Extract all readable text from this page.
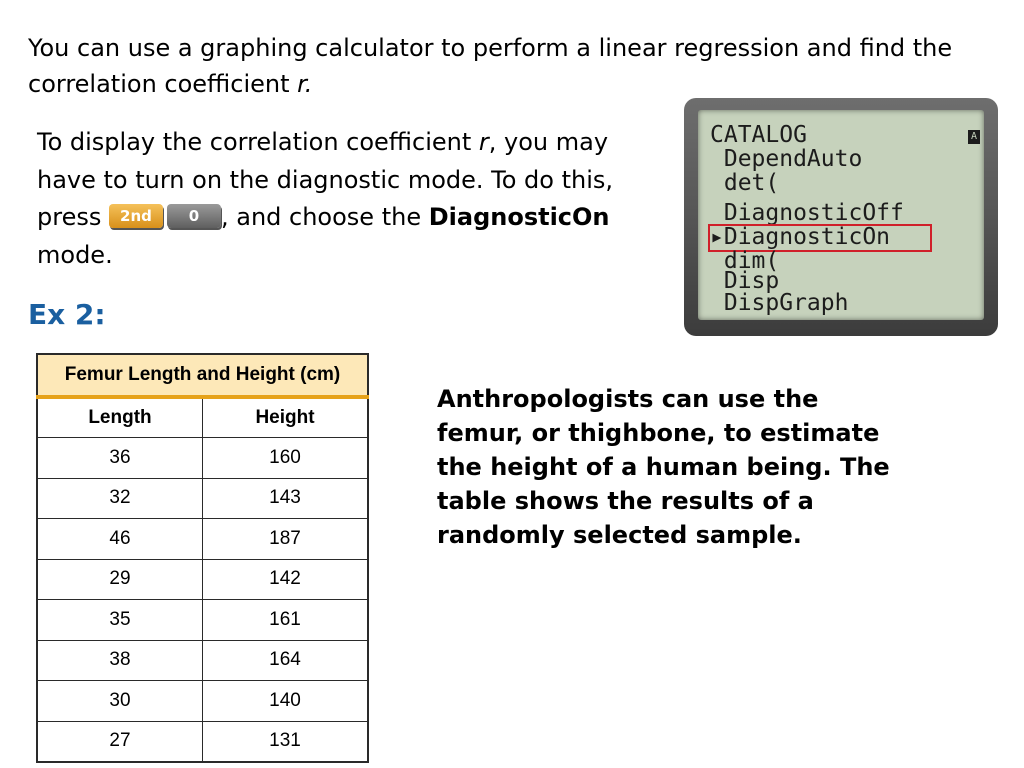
You can use a graphing calculator to perform a linear regression and find the correlation coefficient r.
To display the correlation coefficient r, you may have to turn on the diagnostic mode. To do this, press 2nd 0 , and choose the DiagnosticOn mode.
Ex 2:
CATALOG	A
DependAuto
det(
DiagnosticOff
▸DiagnosticOn
dim(
Disp
DispGraph
Femur Length and Height (cm)	
Length	Height
36	160
32	143
46	187
29	142
35	161
38	164
30	140
27	131
Anthropologists can use the femur, or thighbone, to estimate the height of a human being. The table shows the results of a randomly selected sample.
